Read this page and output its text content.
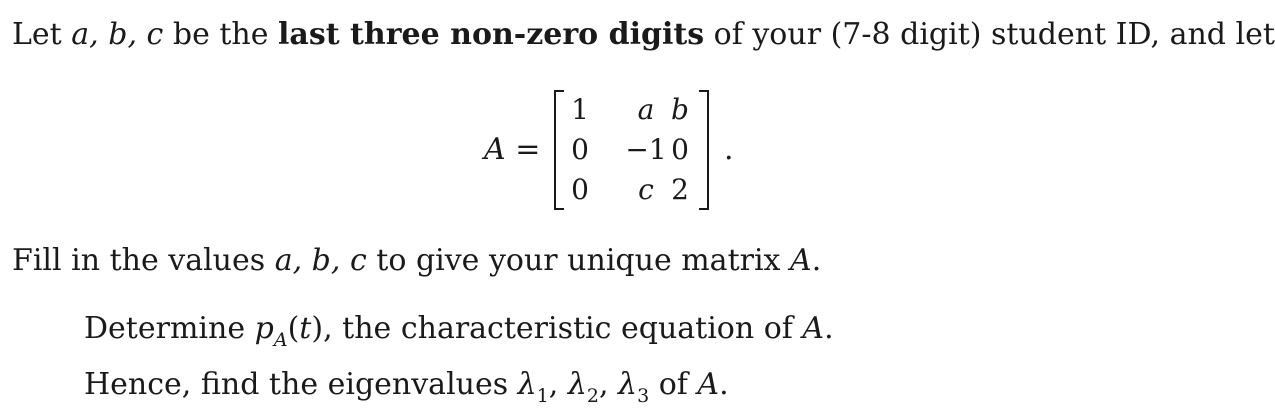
Let a, b, c be the last three non-zero digits of your (7-8 digit) student ID, and let
A =
1	a b
0	−1 0
0	c 2
.
Fill in the values a, b, c to give your unique matrix A.
Determine $p_A(t)$, the characteristic equation of A.
Hence, find the eigenvalues $\lambda_1$, $\lambda_2$, $\lambda_3$ of A.
